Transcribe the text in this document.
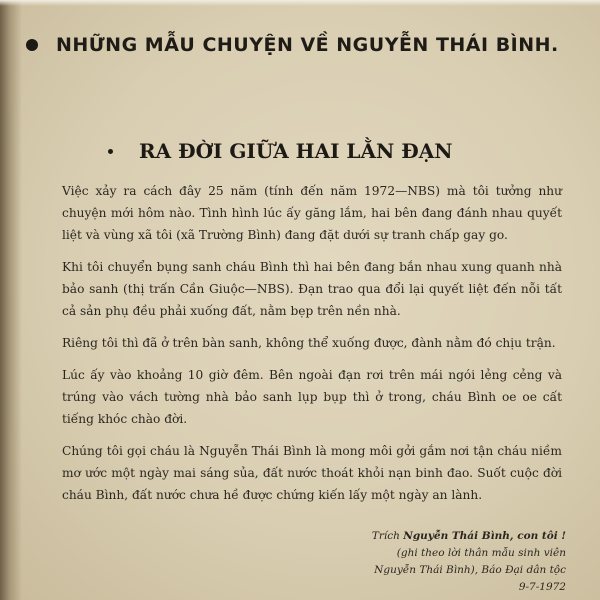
NHỮNG MẪU CHUYỆN VỀ NGUYỄN THÁI BÌNH.
RA ĐỜI GIỮA HAI LẰN ĐẠN

Việc xảy ra cách đây 25 năm (tính đến năm 1972—NBS) mà tôi tưởng như chuyện mới hôm nào. Tình hình lúc ấy găng lắm, hai bên đang đánh nhau quyết liệt và vùng xã tôi (xã Trường Bình) đang đặt dưới sự tranh chấp gay go.

Khi tôi chuyển bụng sanh cháu Bình thì hai bên đang bắn nhau xung quanh nhà bảo sanh (thị trấn Cần Giuộc—NBS). Đạn trao qua đổi lại quyết liệt đến nỗi tất cả sản phụ đều phải xuống đất, nằm bẹp trên nền nhà.

Riêng tôi thì đã ở trên bàn sanh, không thể xuống được, đành nằm đó chịu trận.

Lúc ấy vào khoảng 10 giờ đêm. Bên ngoài đạn rơi trên mái ngói lẻng cẻng và trúng vào vách tường nhà bảo sanh lụp bụp thì ở trong, cháu Bình oe oe cất tiếng khóc chào đời.

Chúng tôi gọi cháu là Nguyễn Thái Bình là mong môi gởi gắm nơi tận cháu niềm mơ ước một ngày mai sáng sủa, đất nước thoát khỏi nạn binh đao. Suốt cuộc đời cháu Bình, đất nước chưa hề được chứng kiến lấy một ngày an lành.

Trích Nguyễn Thái Bình, con tôi !
(ghi theo lời thân mẫu sinh viên
Nguyễn Thái Bình), Báo Đại dân tộc
9-7-1972
